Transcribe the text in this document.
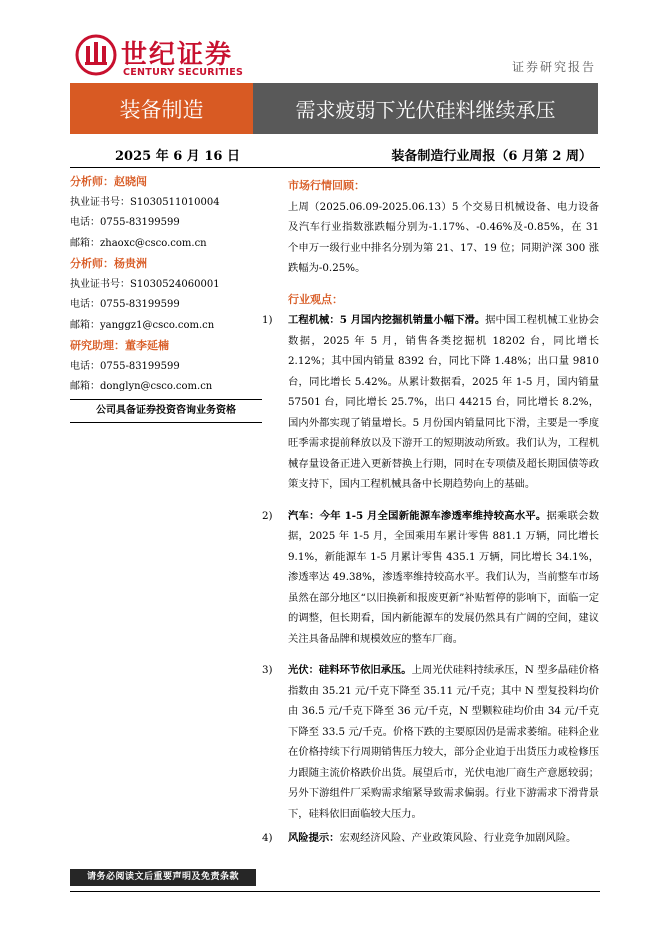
世纪证券
CENTURY SECURITIES	证券研究报告
装备制造	需求疲弱下光伏硅料继续承压
2025 年 6 月 16 日	装备制造行业周报（6 月第 2 周）
分析师：赵晓闯
执业证书号：S1030511010004
电话：0755-83199599
邮箱：zhaoxc@csco.com.cn
分析师：杨贵洲
执业证书号：S1030524060001
电话：0755-83199599
邮箱：yanggz1@csco.com.cn
研究助理：董李延楠
电话：0755-83199599
邮箱：donglyn@csco.com.cn
公司具备证券投资咨询业务资格
市场行情回顾：
上周（2025.06.09-2025.06.13）5 个交易日机械设备、电力设备及汽车行业指数涨跌幅分别为-1.17%、-0.46%及-0.85%，在 31 个申万一级行业中排名分别为第 21、17、19 位；同期沪深 300 涨跌幅为-0.25%。
行业观点：
1) 工程机械：5 月国内挖掘机销量小幅下滑。据中国工程机械工业协会数据，2025 年 5 月，销售各类挖掘机 18202 台，同比增长 2.12%；其中国内销量 8392 台，同比下降 1.48%；出口量 9810 台，同比增长 5.42%。从累计数据看，2025 年 1-5 月，国内销量 57501 台，同比增长 25.7%，出口 44215 台，同比增长 8.2%，国内外都实现了销量增长。5 月份国内销量同比下滑，主要是一季度旺季需求提前释放以及下游开工的短期波动所致。我们认为，工程机械存量设备正进入更新替换上行期，同时在专项债及超长期国债等政策支持下，国内工程机械具备中长期趋势向上的基础。
2) 汽车：今年 1-5 月全国新能源车渗透率维持较高水平。据乘联会数据，2025 年 1-5 月，全国乘用车累计零售 881.1 万辆，同比增长 9.1%，新能源车 1-5 月累计零售 435.1 万辆，同比增长 34.1%，渗透率达 49.38%，渗透率维持较高水平。我们认为，当前整车市场虽然在部分地区“以旧换新和报废更新”补贴暂停的影响下，面临一定的调整，但长期看，国内新能源车的发展仍然具有广阔的空间，建议关注具备品牌和规模效应的整车厂商。
3) 光伏：硅料环节依旧承压。上周光伏硅料持续承压，N 型多晶硅价格指数由 35.21 元/千克下降至 35.11 元/千克；其中 N 型复投料均价由 36.5 元/千克下降至 36 元/千克，N 型颗粒硅均价由 34 元/千克下降至 33.5 元/千克。价格下跌的主要原因仍是需求萎缩。硅料企业在价格持续下行周期销售压力较大，部分企业迫于出货压力或检修压力跟随主流价格跌价出货。展望后市，光伏电池厂商生产意愿较弱；另外下游组件厂采购需求缩紧导致需求偏弱。行业下游需求下滑背景下，硅料依旧面临较大压力。
4) 风险提示：宏观经济风险、产业政策风险、行业竞争加剧风险。
请务必阅读文后重要声明及免责条款
